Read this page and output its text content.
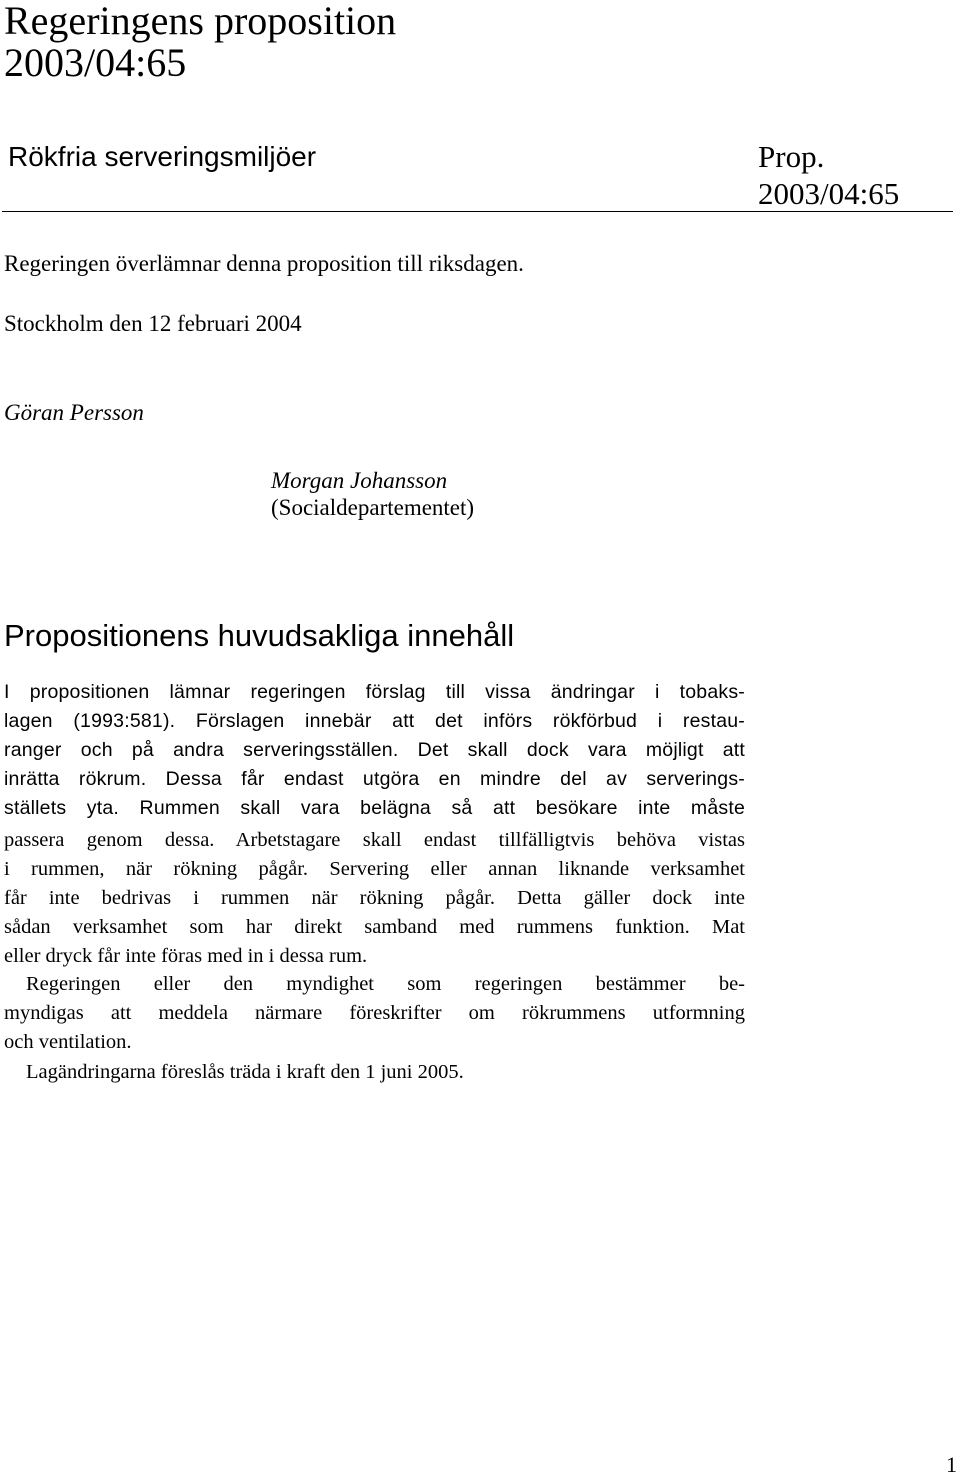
Regeringens proposition 2003/04:65
Rökfria serveringsmiljöer	Prop. 2003/04:65
Regeringen överlämnar denna proposition till riksdagen.
Stockholm den 12 februari 2004
Göran Persson
Morgan Johansson
(Socialdepartementet)
Propositionens huvudsakliga innehåll
I propositionen lämnar regeringen förslag till vissa ändringar i tobaks-
lagen (1993:581). Förslagen innebär att det införs rökförbud i restau-
ranger och på andra serveringsställen. Det skall dock vara möjligt att
inrätta rökrum. Dessa får endast utgöra en mindre del av serverings-
ställets yta. Rummen skall vara belägna så att besökare inte måste
passera genom dessa. Arbetstagare skall endast tillfälligtvis behöva vistas
i rummen, när rökning pågår. Servering eller annan liknande verksamhet
får inte bedrivas i rummen när rökning pågår. Detta gäller dock inte
sådan verksamhet som har direkt samband med rummens funktion. Mat
eller dryck får inte föras med in i dessa rum.
Regeringen eller den myndighet som regeringen bestämmer be-
myndigas att meddela närmare föreskrifter om rökrummens utformning
och ventilation.
Lagändringarna föreslås träda i kraft den 1 juni 2005.
1
